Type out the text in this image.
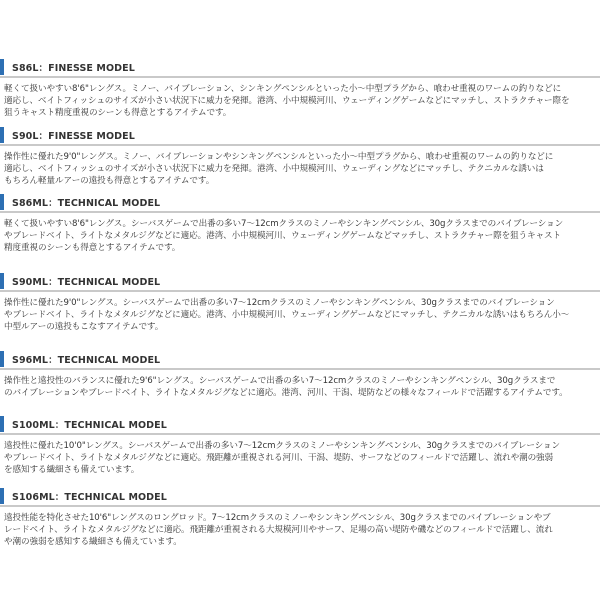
S86L：FINESSE MODEL
軽くて扱いやすい8'6"レングス。ミノー、バイブレーション、シンキングペンシルといった小～中型プラグから、喰わせ重視のワームの釣りなどに
適応し、ベイトフィッシュのサイズが小さい状況下に威力を発揮。港湾、小中規模河川、ウェーディングゲームなどにマッチし、ストラクチャー際を
狙うキャスト精度重視のシーンも得意とするアイテムです。
S90L：FINESSE MODEL
操作性に優れた9'0"レングス。ミノー、バイブレーションやシンキングペンシルといった小～中型プラグから、喰わせ重視のワームの釣りなどに
適応し、ベイトフィッシュのサイズが小さい状況下に威力を発揮。港湾、小中規模河川、ウェーディングなどにマッチし、テクニカルな誘いは
もちろん軽量ルアーの遠投も得意とするアイテムです。
S86ML：TECHNICAL MODEL
軽くて扱いやすい8'6"レングス。シーバスゲームで出番の多い7～12cmクラスのミノーやシンキングペンシル、30gクラスまでのバイブレーション
やブレードベイト、ライトなメタルジグなどに適応。港湾、小中規模河川、ウェーディングゲームなどマッチし、ストラクチャー際を狙うキャスト
精度重視のシーンも得意とするアイテムです。
S90ML：TECHNICAL MODEL
操作性に優れた9'0"レングス。シーバスゲームで出番の多い7～12cmクラスのミノーやシンキングペンシル、30gクラスまでのバイブレーション
やブレードベイト、ライトなメタルジグなどに適応。港湾、小中規模河川、ウェーディングゲームなどにマッチし、テクニカルな誘いはもちろん小～
中型ルアーの遠投もこなすアイテムです。
S96ML：TECHNICAL MODEL
操作性と遠投性のバランスに優れた9'6"レングス。シーバスゲームで出番の多い7～12cmクラスのミノーやシンキングペンシル、30gクラスまで
のバイブレーションやブレードベイト、ライトなメタルジグなどに適応。港湾、河川、干潟、堤防などの様々なフィールドで活躍するアイテムです。
S100ML：TECHNICAL MODEL
遠投性に優れた10'0"レングス。シーバスゲームで出番の多い7～12cmクラスのミノーやシンキングペンシル、30gクラスまでのバイブレーション
やブレードベイト、ライトなメタルジグなどに適応。飛距離が重視される河川、干潟、堤防、サーフなどのフィールドで活躍し、流れや潮の強弱
を感知する繊細さも備えています。
S106ML：TECHNICAL MODEL
遠投性能を特化させた10'6"レングスのロングロッド。7～12cmクラスのミノーやシンキングペンシル、30gクラスまでのバイブレーションやブ
レードベイト、ライトなメタルジグなどに適応。飛距離が重視される大規模河川やサーフ、足場の高い堤防や磯などのフィールドで活躍し、流れ
や潮の強弱を感知する繊細さも備えています。
